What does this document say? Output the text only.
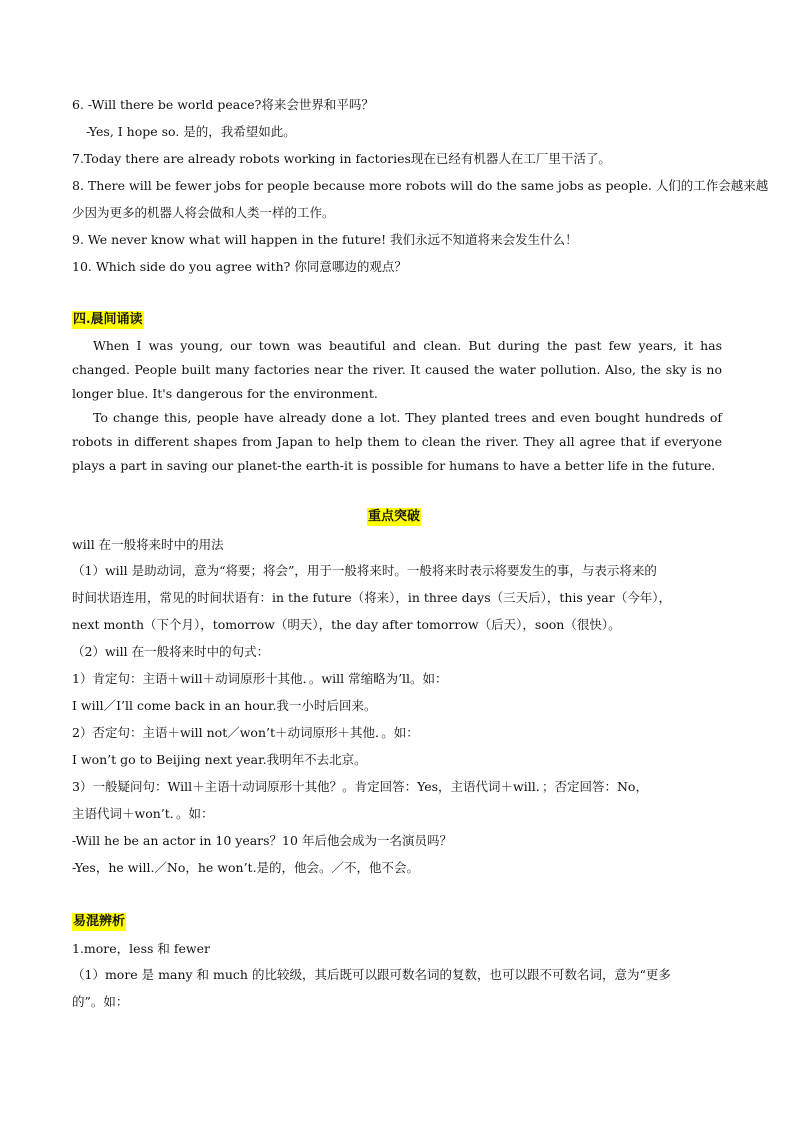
6. -Will there be world peace?将来会世界和平吗？
-Yes, I hope so. 是的，我希望如此。
7.Today there are already robots working in factories现在已经有机器人在工厂里干活了。
8. There will be fewer jobs for people because more robots will do the same jobs as people. 人们的工作会越来越
少因为更多的机器人将会做和人类一样的工作。
9. We never know what will happen in the future! 我们永远不知道将来会发生什么！
10. Which side do you agree with? 你同意哪边的观点？
四.晨间诵读
When I was young, our town was beautiful and clean. But during the past few years, it has changed. People built many factories near the river. It caused the water pollution. Also, the sky is no longer blue. It's dangerous for the environment.
To change this, people have already done a lot. They planted trees and even bought hundreds of robots in different shapes from Japan to help them to clean the river. They all agree that if everyone plays a part in saving our planet-the earth-it is possible for humans to have a better life in the future.
重点突破
will 在一般将来时中的用法
（1）will 是助动词，意为“将要；将会”，用于一般将来时。一般将来时表示将要发生的事，与表示将来的
时间状语连用，常见的时间状语有：in the future（将来），in three days（三天后），this year（今年），
next month（下个月），tomorrow（明天），the day after tomorrow（后天），soon（很快）。
（2）will 在一般将来时中的句式：
1）肯定句：主语＋will＋动词原形十其他．。will 常缩略为’ll。如：
I will／I’ll come back in an hour.我一小时后回来。
2）否定句：主语＋will not／won’t＋动词原形＋其他．。如：
I won’t go to Beijing next year.我明年不去北京。
3）一般疑问句：Will＋主语十动词原形十其他？。肯定回答：Yes，主语代词＋will．；否定回答：No，
主语代词＋won’t．。如：
-Will he be an actor in 10 years？10 年后他会成为一名演员吗？
-Yes，he will.／No，he won’t.是的，他会。／不，他不会。
易混辨析
1.more，less 和 fewer
（1）more 是 many 和 much 的比较级，其后既可以跟可数名词的复数，也可以跟不可数名词，意为“更多
的”。如：
